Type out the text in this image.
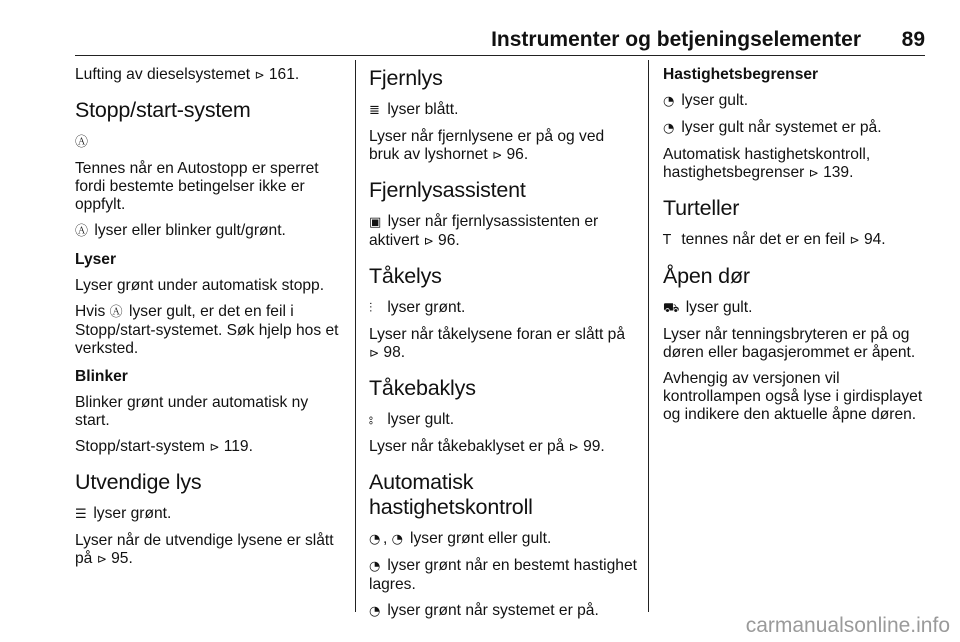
Instrumenter og betjeningselementer 89

Lufting av dieselsystemet ⊳ 161.

Stopp/start-system

Ⓐ

Tennes når en Autostopp er sperret fordi bestemte betingelser ikke er oppfylt.

Ⓐ lyser eller blinker gult/grønt.

Lyser

Lyser grønt under automatisk stopp.

Hvis Ⓐ lyser gult, er det en feil i Stopp/start-systemet. Søk hjelp hos et verksted.

Blinker

Blinker grønt under automatisk ny start.

Stopp/start-system ⊳ 119.

Utvendige lys

☰ lyser grønt.

Lyser når de utvendige lysene er slått på ⊳ 95.

Fjernlys

≣ lyser blått.

Lyser når fjernlysene er på og ved bruk av lyshornet ⊳ 96.

Fjernlysassistent

▣ lyser når fjernlysassistenten er aktivert ⊳ 96.

Tåkelys

⫶ lyser grønt.

Lyser når tåkelysene foran er slått på ⊳ 98.

Tåkebaklys

⦂ lyser gult.

Lyser når tåkebaklyset er på ⊳ 99.

Automatisk
hastighetskontroll

◔ , ◔ lyser grønt eller gult.

◔ lyser grønt når en bestemt hastighet lagres.

◔ lyser grønt når systemet er på.

Hastighetsbegrenser

◔ lyser gult.

◔ lyser gult når systemet er på.

Automatisk hastighetskontroll, hastighetsbegrenser ⊳ 139.

Turteller

T tennes når det er en feil ⊳ 94.

Åpen dør

⛟ lyser gult.

Lyser når tenningsbryteren er på og døren eller bagasjerommet er åpent.

Avhengig av versjonen vil kontrollampen også lyse i girdisplayet og indikere den aktuelle åpne døren.

carmanualsonline.info
